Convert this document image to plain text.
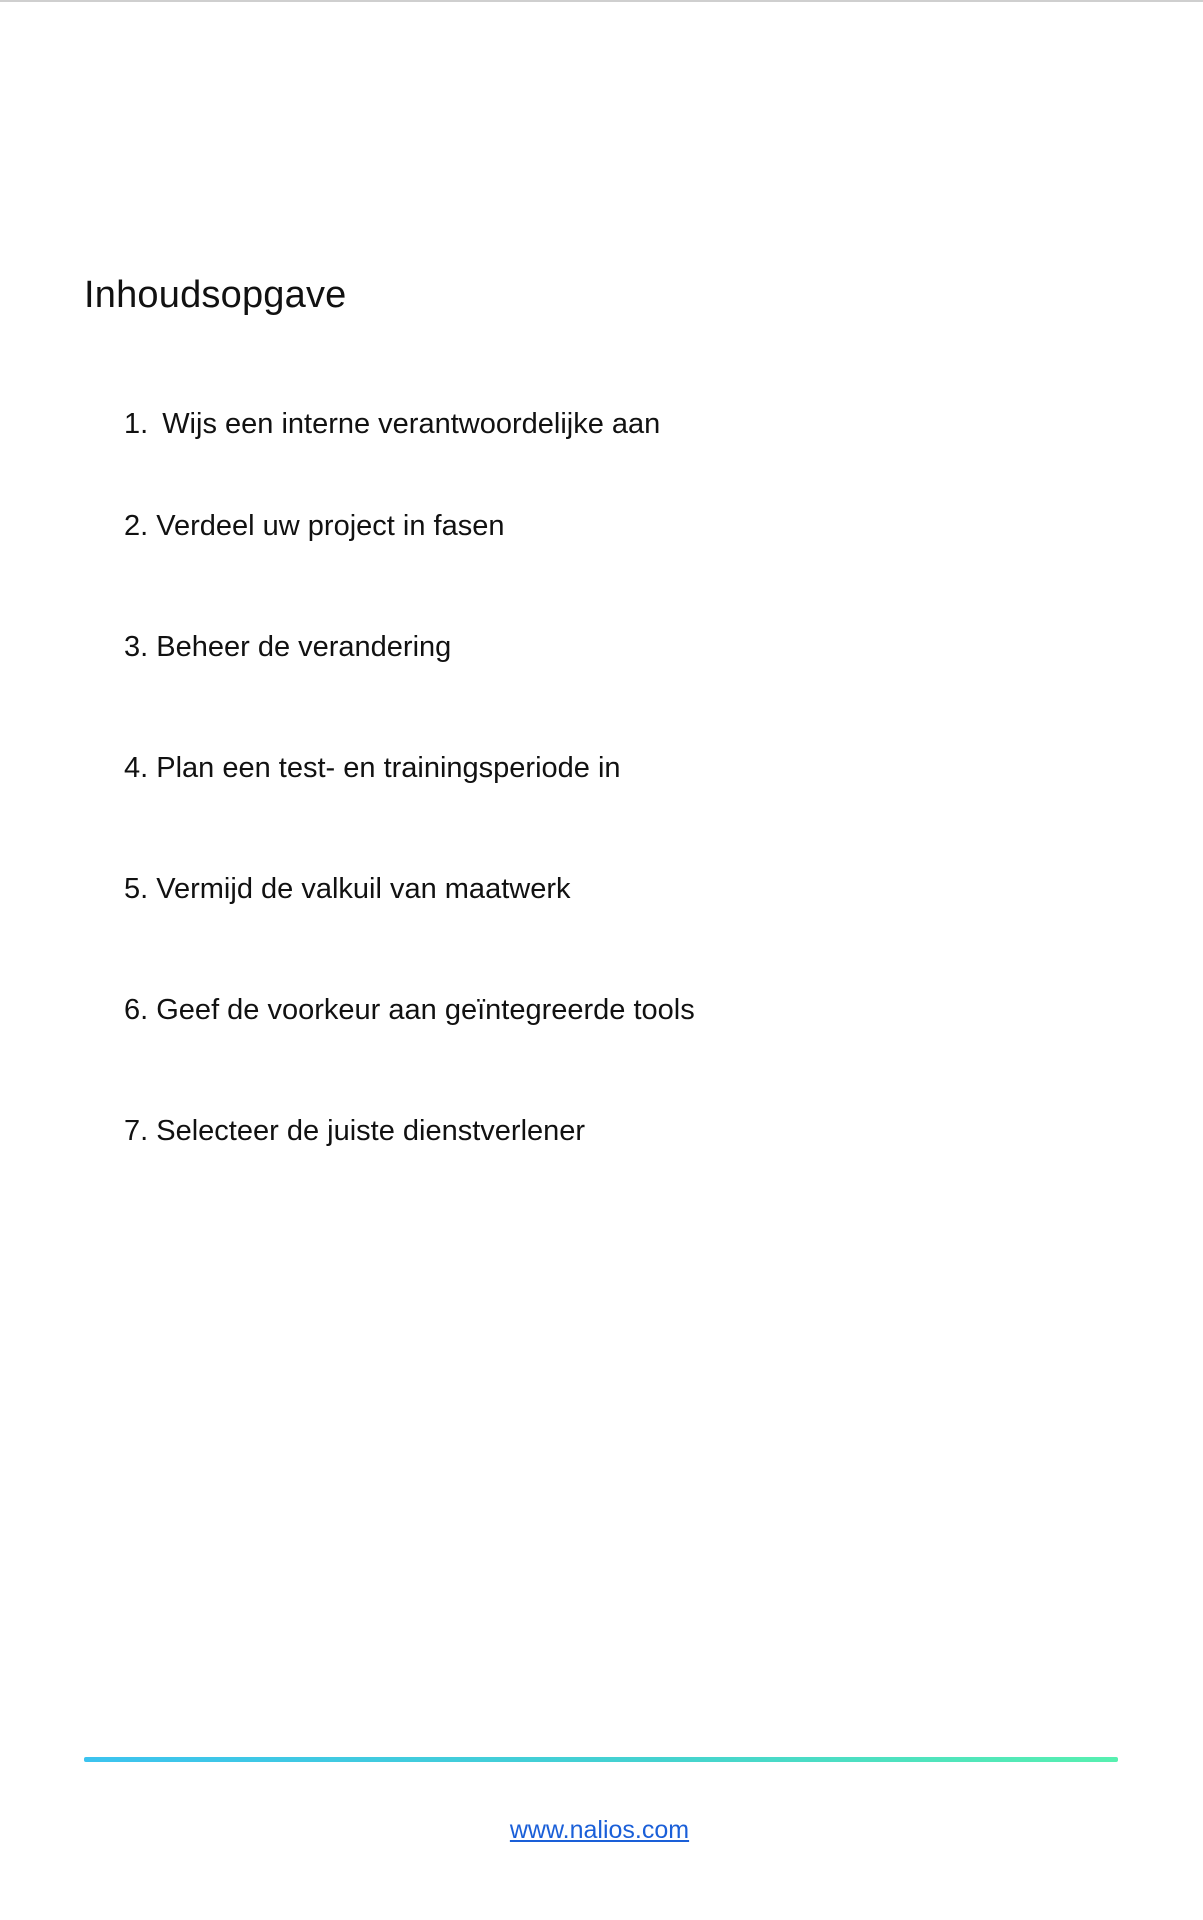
Inhoudsopgave
1. Wijs een interne verantwoordelijke aan
2. Verdeel uw project in fasen
3. Beheer de verandering
4. Plan een test- en trainingsperiode in
5. Vermijd de valkuil van maatwerk
6. Geef de voorkeur aan geïntegreerde tools
7. Selecteer de juiste dienstverlener
www.nalios.com
